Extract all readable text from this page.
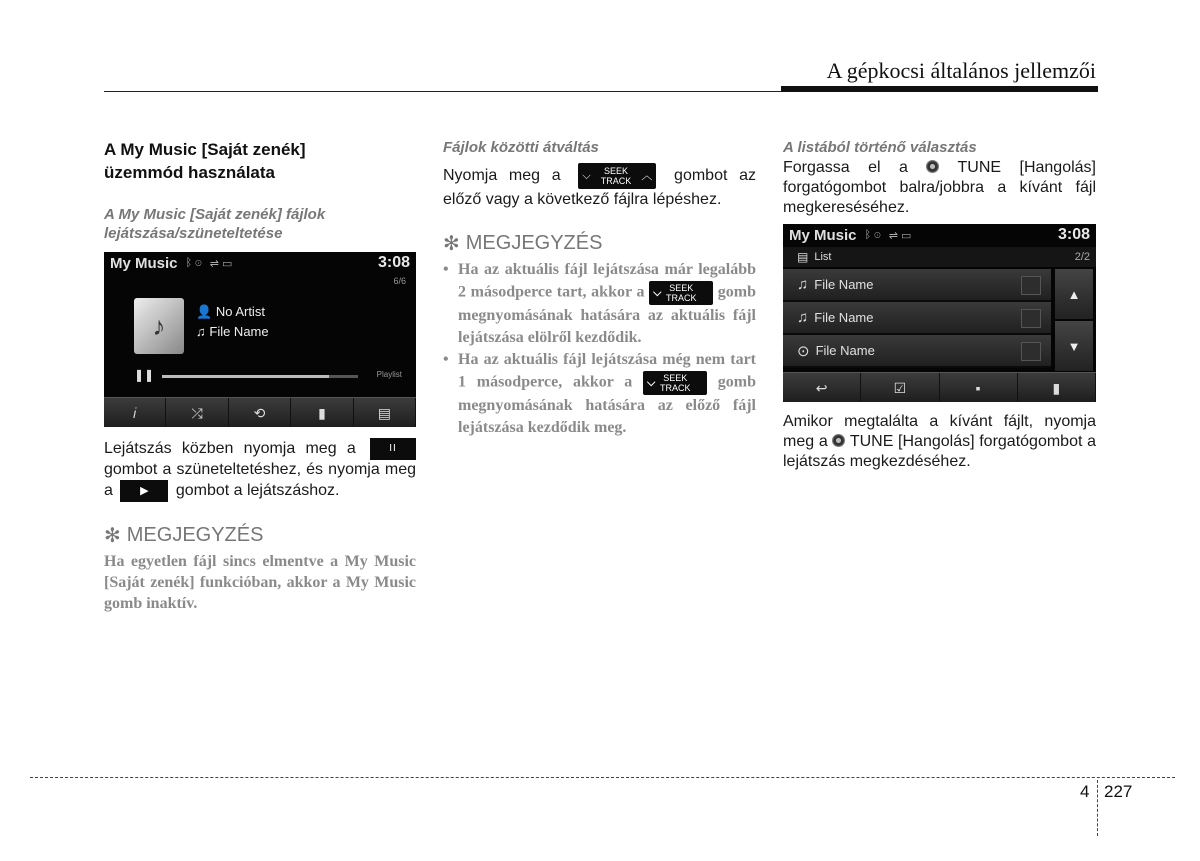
A gépkocsi általános jellemzői
A My Music [Saját zenék] üzemmód használata
A My Music [Saját zenék] fájlok lejátszása/szüneteltetése
My Music ᛒ ⊙ ⇌ ▭	3:08
6/6
♪	👤 No Artist
♫ File Name
❚❚	Playlist
𝑖	⤮	⟲	▮	▤
Lejátszás közben nyomja meg a	II gombot a szüneteltetéshez, és nyomja meg a ▶ gombot a lejátszáshoz.
✻ MEGJEGYZÉS
Ha egyetlen fájl sincs elmentve a My Music [Saját zenék] funkcióban, akkor a My Music gomb inaktív.
Fájlok közötti átváltás
Nyomja meg a ⌵	SEEK
TRACK ︿ gombot az előző vagy a következő fájlra lépéshez.
✻ MEGJEGYZÉS
• Ha az aktuális fájl lejátszása már legalább 2 másodperce tart, akkor a ⌵ SEEK
TRACK gomb megnyomásának hatására az aktuális fájl lejátszása elölről kezdődik.
• Ha az aktuális fájl lejátszása még nem tart 1 másodperce, akkor a ⌵ SEEK
TRACK gomb megnyomásának hatására az előző fájl lejátszása kezdődik meg.
A listából történő választás
Forgassa el a	TUNE [Hangolás] forgatógombot balra/jobbra a kívánt fájl megkereséséhez.
My Music ᛒ ⊙ ⇌ ▭	3:08
▤ List	2/2
♫ File Name
♫ File Name
⊙ File Name
▲
▼
↩	☑	▪	▮
Amikor megtalálta a kívánt fájlt, nyomja meg a TUNE [Hangolás] forgatógombot a lejátszás megkezdéséhez.
4 227
